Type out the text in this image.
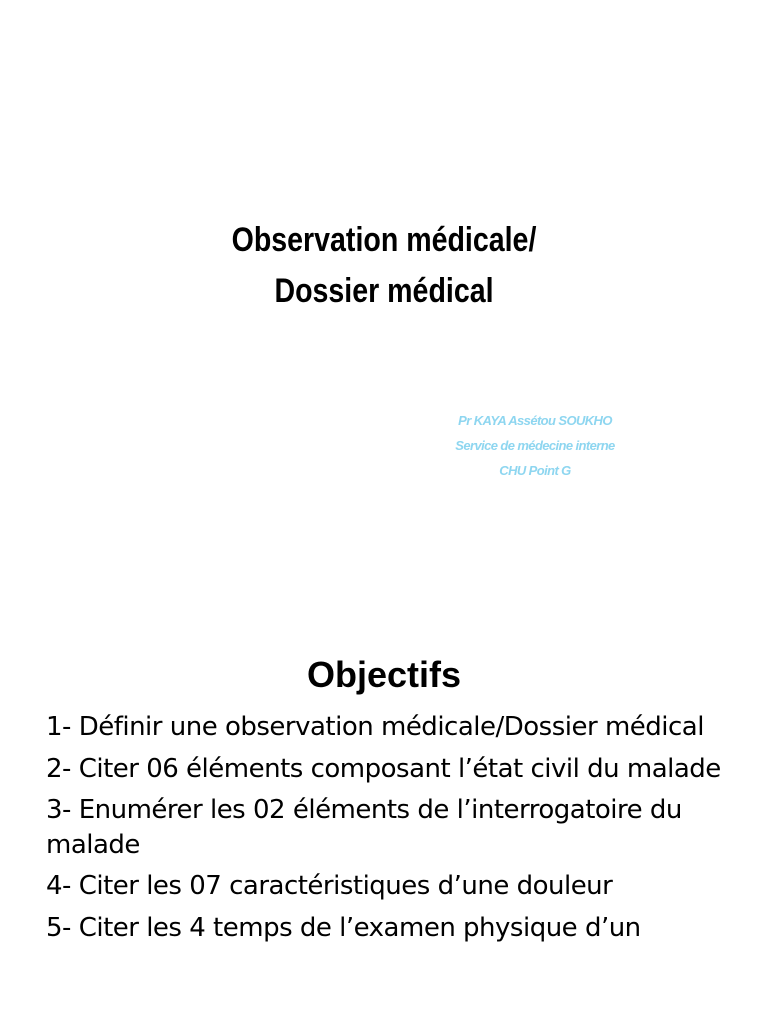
Observation médicale/
Dossier médical
Pr KAYA Assétou SOUKHO
Service de médecine interne
CHU Point G
Objectifs
1- Définir une observation médicale/Dossier médical
2- Citer 06 éléments composant l’état civil du malade
3- Enumérer les 02 éléments de l’interrogatoire du malade
4- Citer les 07 caractéristiques d’une douleur
5- Citer les 4 temps de l’examen physique d’un
